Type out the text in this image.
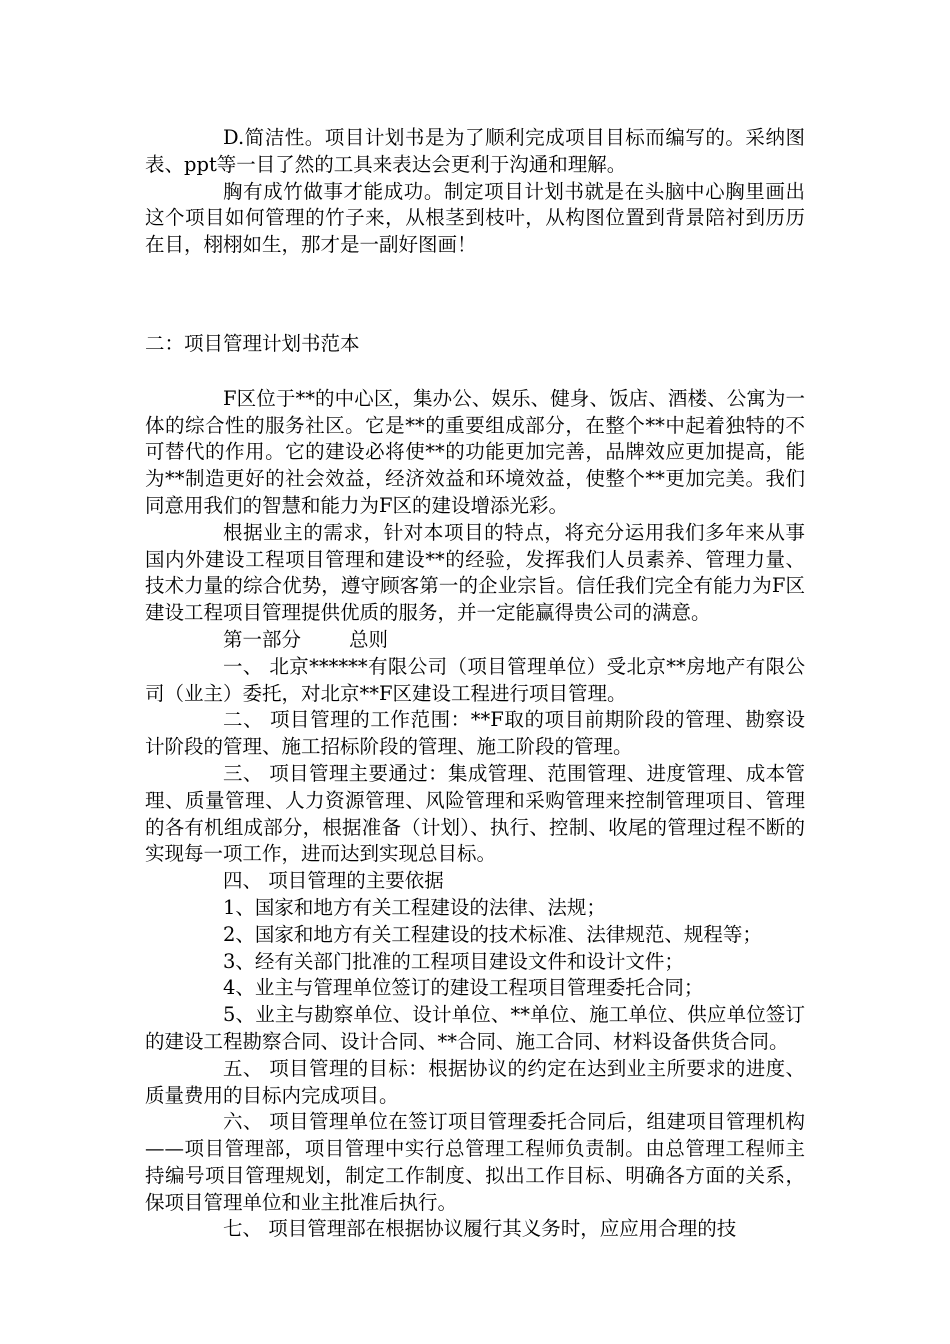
D.简洁性。项目计划书是为了顺利完成项目目标而编写的。采纳图表、ppt等一目了然的工具来表达会更利于沟通和理解。

胸有成竹做事才能成功。制定项目计划书就是在头脑中心胸里画出这个项目如何管理的竹子来，从根茎到枝叶，从构图位置到背景陪衬到历历在目，栩栩如生，那才是一副好图画！

二：项目管理计划书范本

F区位于**的中心区，集办公、娱乐、健身、饭店、酒楼、公寓为一体的综合性的服务社区。它是**的重要组成部分，在整个**中起着独特的不可替代的作用。它的建设必将使**的功能更加完善，品牌效应更加提高，能为**制造更好的社会效益，经济效益和环境效益，使整个**更加完美。我们同意用我们的智慧和能力为F区的建设增添光彩。

根据业主的需求，针对本项目的特点，将充分运用我们多年来从事国内外建设工程项目管理和建设**的经验，发挥我们人员素养、管理力量、技术力量的综合优势，遵守顾客第一的企业宗旨。信任我们完全有能力为F区建设工程项目管理提供优质的服务，并一定能赢得贵公司的满意。

第一部分 总则

一、 北京******有限公司（项目管理单位）受北京**房地产有限公司（业主）委托，对北京**F区建设工程进行项目管理。

二、 项目管理的工作范围：**F取的项目前期阶段的管理、勘察设计阶段的管理、施工招标阶段的管理、施工阶段的管理。

三、 项目管理主要通过：集成管理、范围管理、进度管理、成本管理、质量管理、人力资源管理、风险管理和采购管理来控制管理项目、管理的各有机组成部分，根据准备（计划）、执行、控制、收尾的管理过程不断的实现每一项工作，进而达到实现总目标。

四、 项目管理的主要依据

1、国家和地方有关工程建设的法律、法规；

2、国家和地方有关工程建设的技术标准、法律规范、规程等；

3、经有关部门批准的工程项目建设文件和设计文件；

4、业主与管理单位签订的建设工程项目管理委托合同；

5、业主与勘察单位、设计单位、**单位、施工单位、供应单位签订的建设工程勘察合同、设计合同、**合同、施工合同、材料设备供货合同。

五、 项目管理的目标：根据协议的约定在达到业主所要求的进度、质量费用的目标内完成项目。

六、 项目管理单位在签订项目管理委托合同后，组建项目管理机构——项目管理部，项目管理中实行总管理工程师负责制。由总管理工程师主持编号项目管理规划，制定工作制度、拟出工作目标、明确各方面的关系，保项目管理单位和业主批准后执行。

七、 项目管理部在根据协议履行其义务时，应应用合理的技
